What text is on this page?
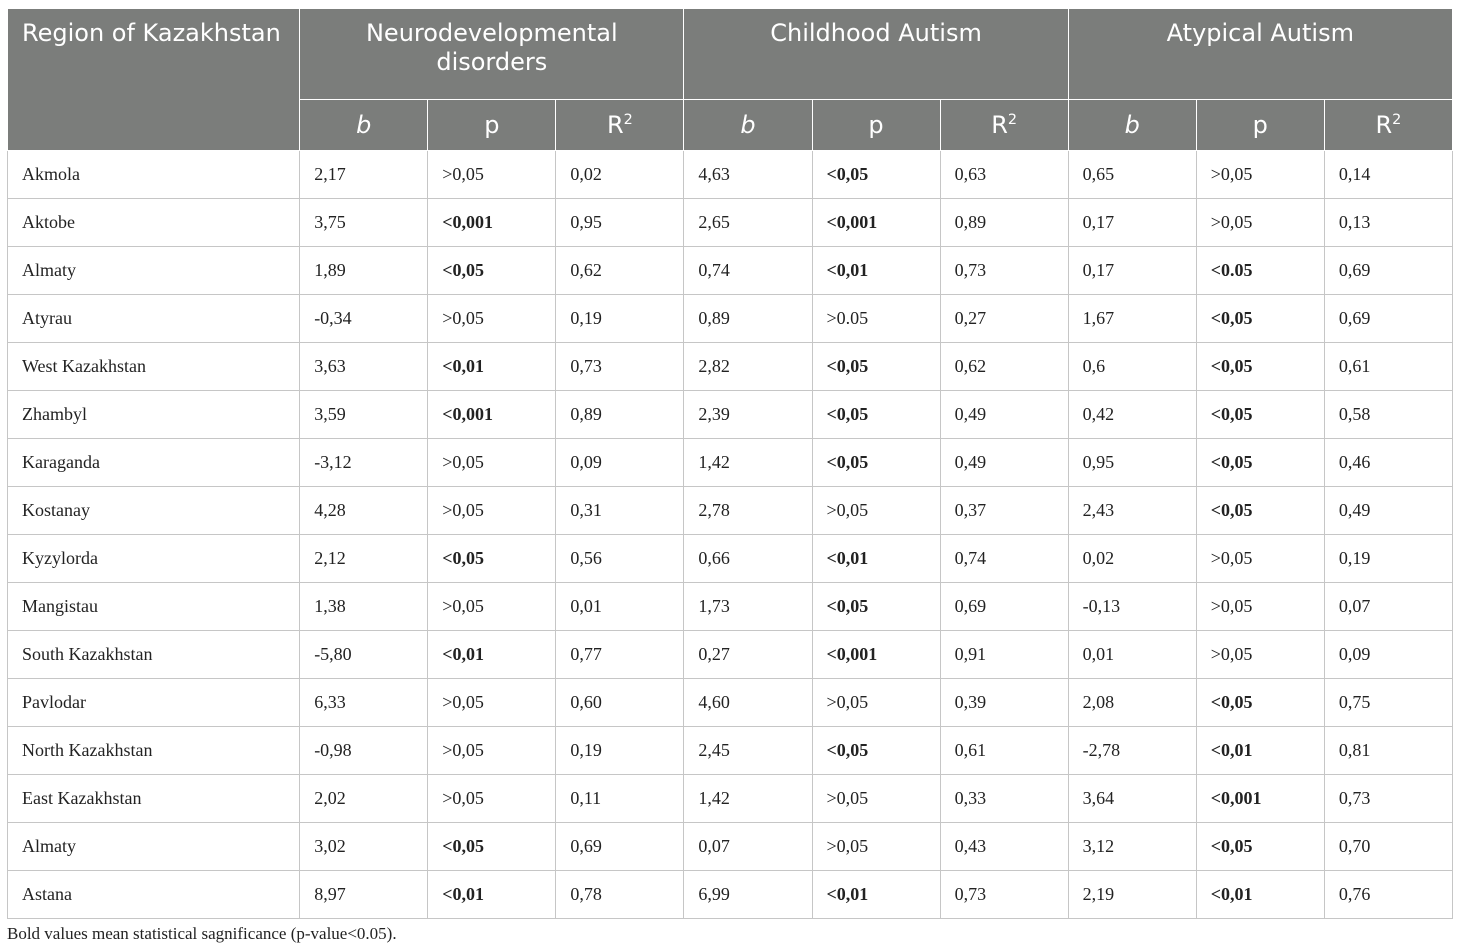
Region of Kazakhstan	Neurodevelopmental disorders			Childhood Autism			Atypical Autism		
	b	p	$R^2$	b	p	$R^2$	b	p	$R^2$
Akmola	2,17	>0,05	0,02	4,63	<0,05	0,63	0,65	>0,05	0,14
Aktobe	3,75	<0,001	0,95	2,65	<0,001	0,89	0,17	>0,05	0,13
Almaty	1,89	<0,05	0,62	0,74	<0,01	0,73	0,17	<0.05	0,69
Atyrau	-0,34	>0,05	0,19	0,89	>0.05	0,27	1,67	<0,05	0,69
West Kazakhstan	3,63	<0,01	0,73	2,82	<0,05	0,62	0,6	<0,05	0,61
Zhambyl	3,59	<0,001	0,89	2,39	<0,05	0,49	0,42	<0,05	0,58
Karaganda	-3,12	>0,05	0,09	1,42	<0,05	0,49	0,95	<0,05	0,46
Kostanay	4,28	>0,05	0,31	2,78	>0,05	0,37	2,43	<0,05	0,49
Kyzylorda	2,12	<0,05	0,56	0,66	<0,01	0,74	0,02	>0,05	0,19
Mangistau	1,38	>0,05	0,01	1,73	<0,05	0,69	-0,13	>0,05	0,07
South Kazakhstan	-5,80	<0,01	0,77	0,27	<0,001	0,91	0,01	>0,05	0,09
Pavlodar	6,33	>0,05	0,60	4,60	>0,05	0,39	2,08	<0,05	0,75
North Kazakhstan	-0,98	>0,05	0,19	2,45	<0,05	0,61	-2,78	<0,01	0,81
East Kazakhstan	2,02	>0,05	0,11	1,42	>0,05	0,33	3,64	<0,001	0,73
Almaty	3,02	<0,05	0,69	0,07	>0,05	0,43	3,12	<0,05	0,70
Astana	8,97	<0,01	0,78	6,99	<0,01	0,73	2,19	<0,01	0,76
Bold values mean statistical sagnificance (p-value<0.05).
